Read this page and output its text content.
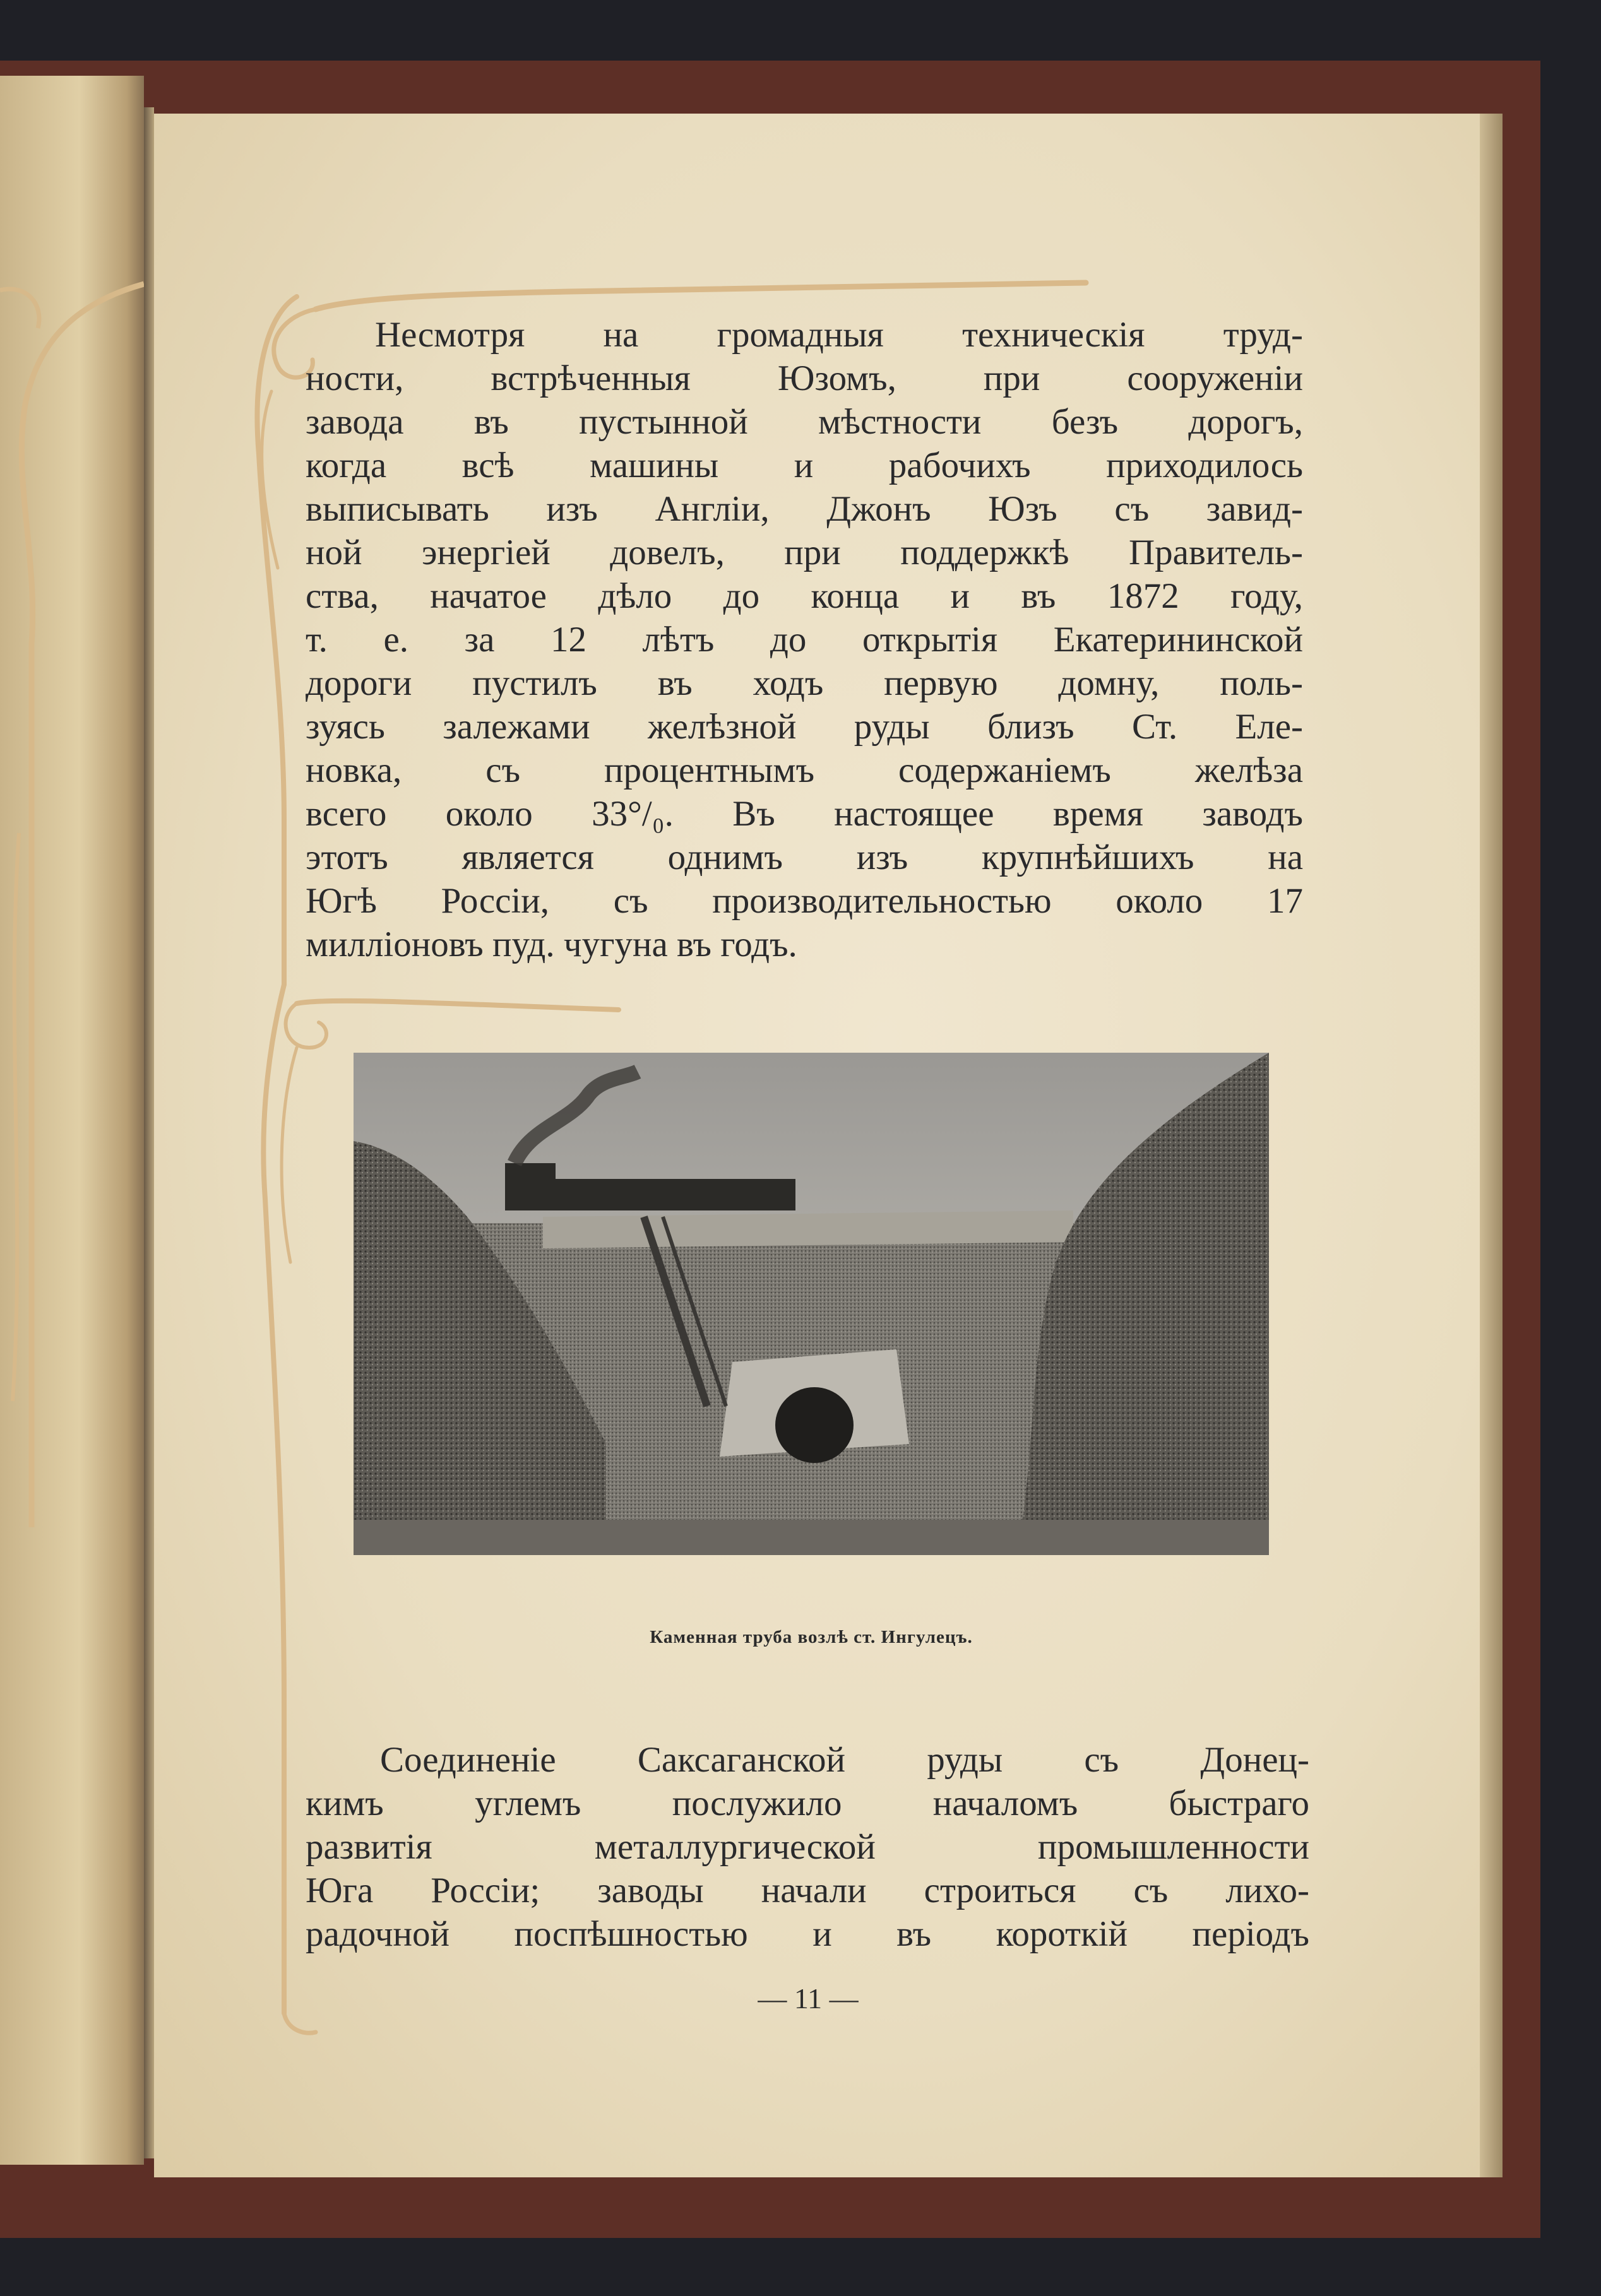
Несмотря на громадныя техническія труд-
ности, встрѣченныя Юзомъ, при сооруженіи
завода въ пустынной мѣстности безъ дорогъ,
когда всѣ машины и рабочихъ приходилось
выписывать изъ Англіи, Джонъ Юзъ съ завид-
ной энергіей довелъ, при поддержкѣ Правитель-
ства, начатое дѣло до конца и въ 1872 году,
т. е. за 12 лѣтъ до открытія Екатерининской
дороги пустилъ въ ходъ первую домну, поль-
зуясь залежами желѣзной руды близъ Ст. Еле-
новка, съ процентнымъ содержаніемъ желѣза
всего около 33°/₀. Въ настоящее время заводъ
этотъ является однимъ изъ крупнѣйшихъ на
Югѣ Россіи, съ производительностью около 17
милліоновъ пуд. чугуна въ годъ.
Каменная труба возлѣ ст. Ингулецъ.
Соединеніе Саксаганской руды съ Донец-
кимъ углемъ послужило началомъ быстраго
развитія металлургической промышленности
Юга Россіи; заводы начали строиться съ лихо-
радочной поспѣшностью и въ короткій періодъ
— 11 —
